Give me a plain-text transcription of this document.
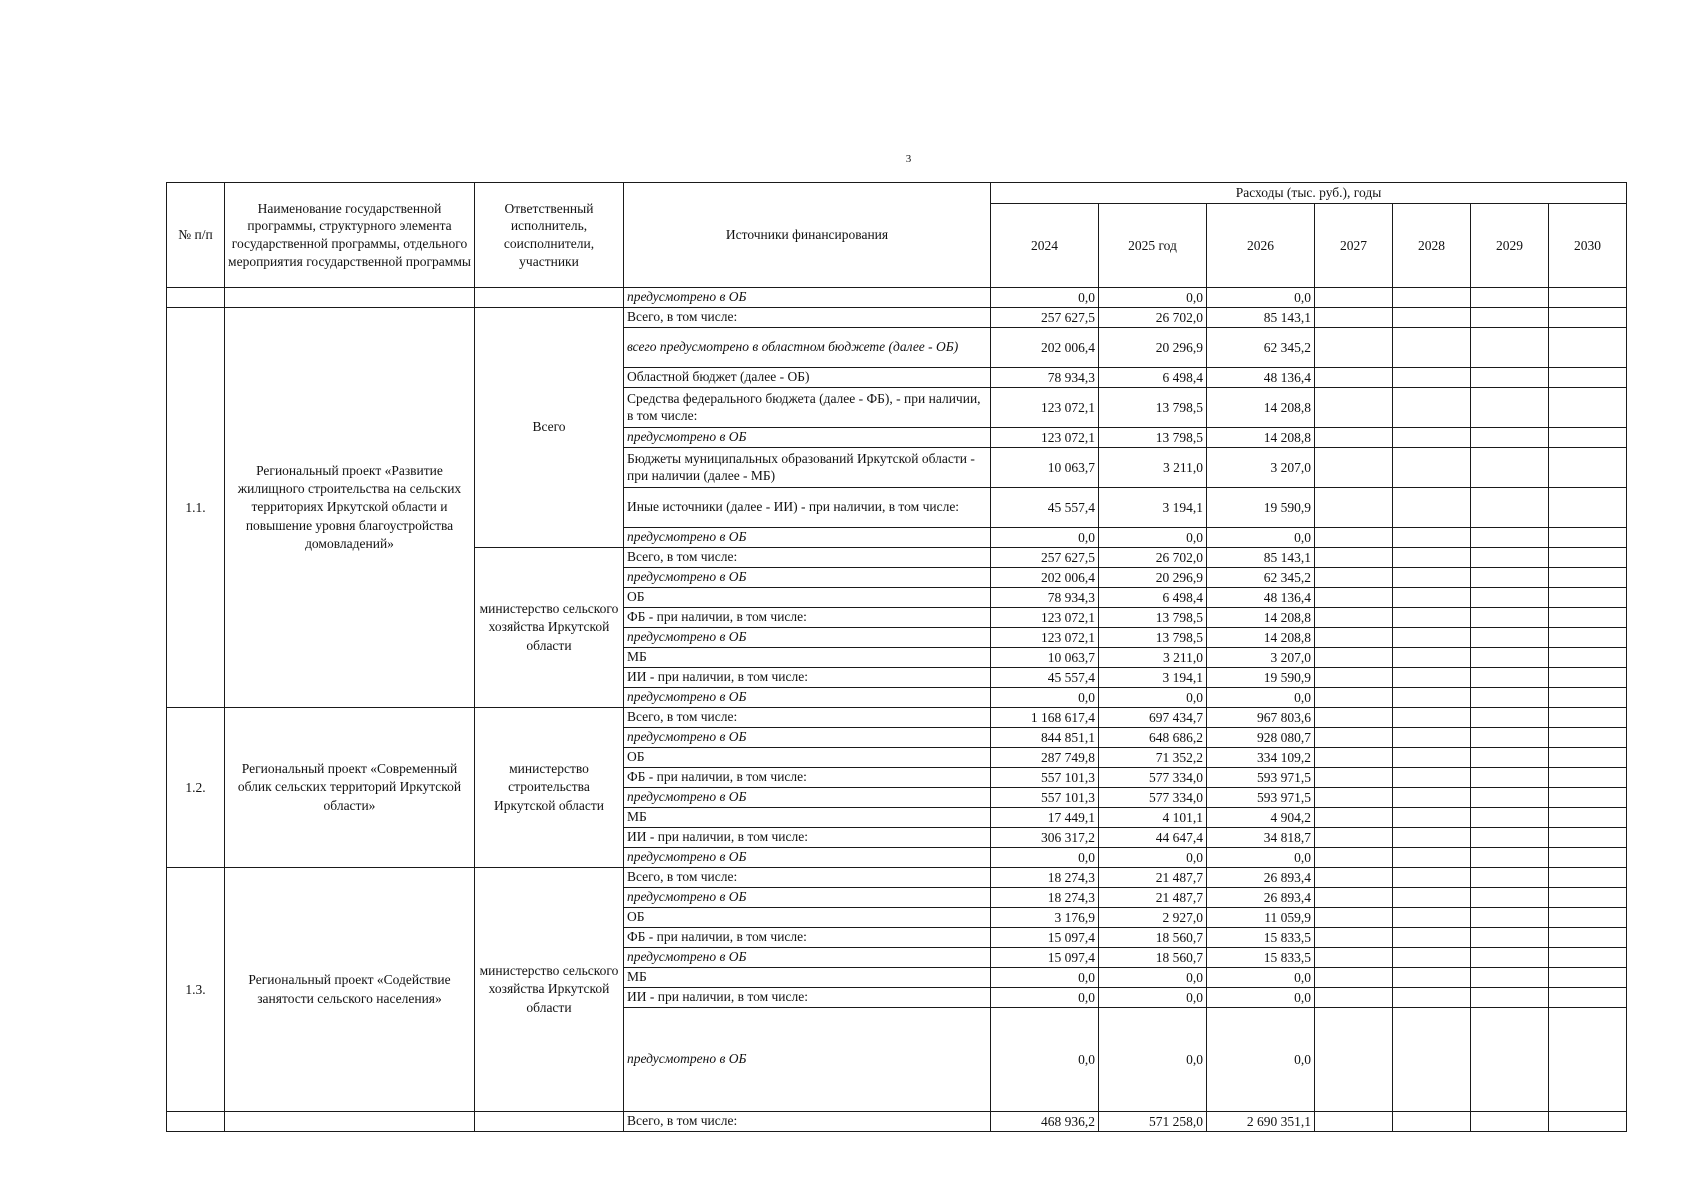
3
№ п/п	Наименование государственной программы, структурного элемента государственной программы, отдельного мероприятия государственной программы	Ответственный исполнитель, соисполнители, участники	Источники финансирования	Расходы (тыс. руб.), годы						
				2024	2025 год	2026	2027	2028	2029	2030
			предусмотрено в ОБ	0,0	0,0	0,0				
1.1.	Региональный проект «Развитие жилищного строительства на сельских территориях Иркутской области и повышение уровня благоустройства домовладений»	Всего	Всего, в том числе:	257 627,5	26 702,0	85 143,1				
			всего предусмотрено в областном бюджете (далее - ОБ)	202 006,4	20 296,9	62 345,2				
			Областной бюджет (далее - ОБ)	78 934,3	6 498,4	48 136,4				
			Средства федерального бюджета (далее - ФБ), - при наличии, в том числе:	123 072,1	13 798,5	14 208,8				
			предусмотрено в ОБ	123 072,1	13 798,5	14 208,8				
			Бюджеты муниципальных образований Иркутской области - при наличии (далее - МБ)	10 063,7	3 211,0	3 207,0				
			Иные источники (далее - ИИ) - при наличии, в том числе:	45 557,4	3 194,1	19 590,9				
			предусмотрено в ОБ	0,0	0,0	0,0				
		министерство сельского хозяйства Иркутской области	Всего, в том числе:	257 627,5	26 702,0	85 143,1				
			предусмотрено в ОБ	202 006,4	20 296,9	62 345,2				
			ОБ	78 934,3	6 498,4	48 136,4				
			ФБ - при наличии, в том числе:	123 072,1	13 798,5	14 208,8				
			предусмотрено в ОБ	123 072,1	13 798,5	14 208,8				
			МБ	10 063,7	3 211,0	3 207,0				
			ИИ - при наличии, в том числе:	45 557,4	3 194,1	19 590,9				
			предусмотрено в ОБ	0,0	0,0	0,0				
1.2.	Региональный проект «Современный облик сельских территорий Иркутской области»	министерство строительства Иркутской области	Всего, в том числе:	1 168 617,4	697 434,7	967 803,6				
			предусмотрено в ОБ	844 851,1	648 686,2	928 080,7				
			ОБ	287 749,8	71 352,2	334 109,2				
			ФБ - при наличии, в том числе:	557 101,3	577 334,0	593 971,5				
			предусмотрено в ОБ	557 101,3	577 334,0	593 971,5				
			МБ	17 449,1	4 101,1	4 904,2				
			ИИ - при наличии, в том числе:	306 317,2	44 647,4	34 818,7				
			предусмотрено в ОБ	0,0	0,0	0,0				
1.3.	Региональный проект «Содействие занятости сельского населения»	министерство сельского хозяйства Иркутской области	Всего, в том числе:	18 274,3	21 487,7	26 893,4				
			предусмотрено в ОБ	18 274,3	21 487,7	26 893,4				
			ОБ	3 176,9	2 927,0	11 059,9				
			ФБ - при наличии, в том числе:	15 097,4	18 560,7	15 833,5				
			предусмотрено в ОБ	15 097,4	18 560,7	15 833,5				
			МБ	0,0	0,0	0,0				
			ИИ - при наличии, в том числе:	0,0	0,0	0,0				
			предусмотрено в ОБ	0,0	0,0	0,0				
			Всего, в том числе:	468 936,2	571 258,0	2 690 351,1				
